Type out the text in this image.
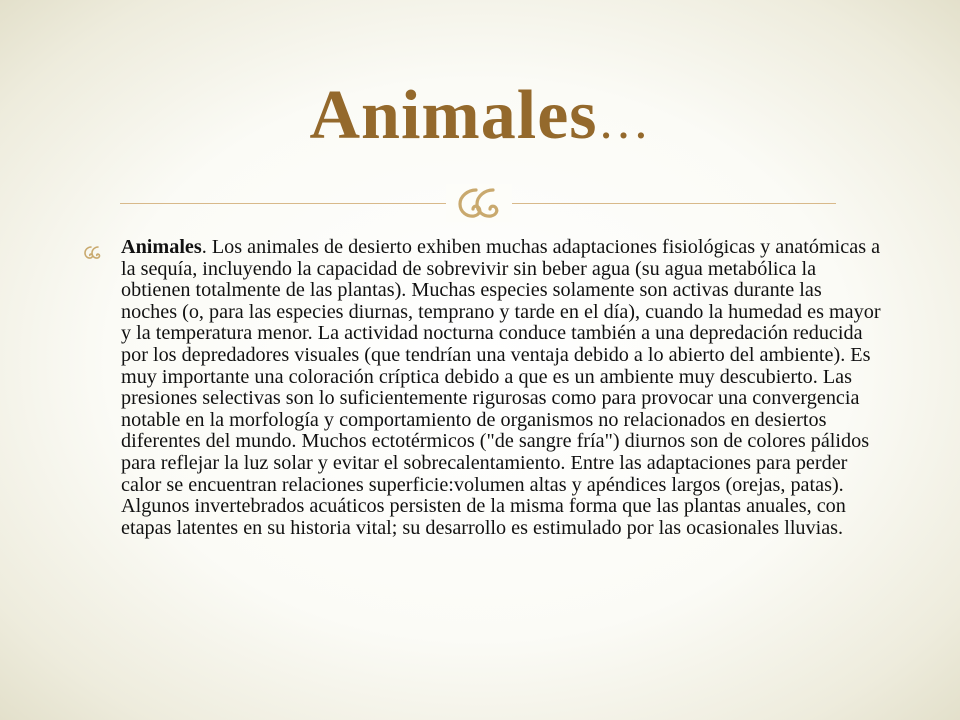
Animales…
Animales. Los animales de desierto exhiben muchas adaptaciones fisiológicas y anatómicas a la sequía, incluyendo la capacidad de sobrevivir sin beber agua (su agua metabólica la obtienen totalmente de las plantas). Muchas especies solamente son activas durante las noches (o, para las especies diurnas, temprano y tarde en el día), cuando la humedad es mayor y la temperatura menor. La actividad nocturna conduce también a una depredación reducida por los depredadores visuales (que tendrían una ventaja debido a lo abierto del ambiente). Es muy importante una coloración críptica debido a que es un ambiente muy descubierto. Las presiones selectivas son lo suficientemente rigurosas como para provocar una convergencia notable en la morfología y comportamiento de organismos no relacionados en desiertos diferentes del mundo. Muchos ectotérmicos ("de sangre fría") diurnos son de colores pálidos para reflejar la luz solar y evitar el sobrecalentamiento. Entre las adaptaciones para perder calor se encuentran relaciones superficie:volumen altas y apéndices largos (orejas, patas). Algunos invertebrados acuáticos persisten de la misma forma que las plantas anuales, con etapas latentes en su historia vital; su desarrollo es estimulado por las ocasionales lluvias.
